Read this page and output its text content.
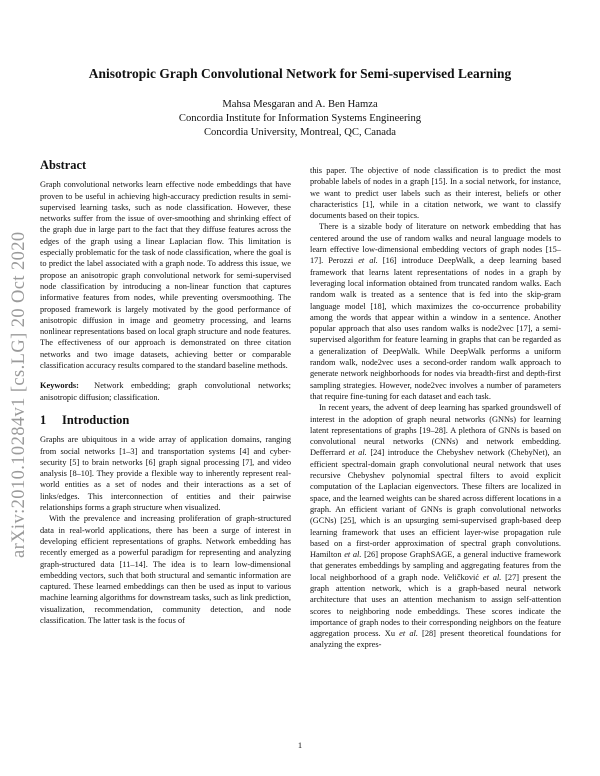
arXiv:2010.10284v1 [cs.LG] 20 Oct 2020
Anisotropic Graph Convolutional Network for Semi-supervised Learning
Mahsa Mesgaran and A. Ben Hamza
Concordia Institute for Information Systems Engineering
Concordia University, Montreal, QC, Canada
Abstract

Graph convolutional networks learn effective node embeddings that have proven to be useful in achieving high-accuracy prediction results in semi-supervised learning tasks, such as node classification. However, these networks suffer from the issue of over-smoothing and shrinking effect of the graph due in large part to the fact that they diffuse features across the edges of the graph using a linear Laplacian flow. This limitation is especially problematic for the task of node classification, where the goal is to predict the label associated with a graph node. To address this issue, we propose an anisotropic graph convolutional network for semi-supervised node classification by introducing a non-linear function that captures informative features from nodes, while preventing oversmoothing. The proposed framework is largely motivated by the good performance of anisotropic diffusion in image and geometry processing, and learns nonlinear representations based on local graph structure and node features. The effectiveness of our approach is demonstrated on three citation networks and two image datasets, achieving better or comparable classification accuracy results compared to the standard baseline methods.

Keywords: Network embedding; graph convolutional networks; anisotropic diffusion; classification.

1 Introduction

Graphs are ubiquitous in a wide array of application domains, ranging from social networks [1–3] and transportation systems [4] and cyber-security [5] to brain networks [6] graph signal processing [7], and video analysis [8–10]. They provide a flexible way to inherently represent real-world entities as a set of nodes and their interactions as a set of links/edges. This interconnection of entities and their pairwise relationships forms a graph structure when visualized.

With the prevalence and increasing proliferation of graph-structured data in real-world applications, there has been a surge of interest in developing efficient representations of graphs. Network embedding has recently emerged as a powerful paradigm for representing and analyzing graph-structured data [11–14]. The idea is to learn low-dimensional embedding vectors, such that both structural and semantic information are captured. These learned embeddings can then be used as input to various machine learning algorithms for downstream tasks, such as link prediction, visualization, recommendation, community detection, and node classification. The latter task is the focus of

this paper. The objective of node classification is to predict the most probable labels of nodes in a graph [15]. In a social network, for instance, we want to predict user labels such as their interest, beliefs or other characteristics [1], while in a citation network, we want to classify documents based on their topics.

There is a sizable body of literature on network embedding that has centered around the use of random walks and neural language models to learn effective low-dimensional embedding vectors of graph nodes [15–17]. Perozzi et al. [16] introduce DeepWalk, a deep learning based framework that learns latent representations of nodes in a graph by leveraging local information obtained from truncated random walks. Each random walk is treated as a sentence that is fed into the skip-gram language model [18], which maximizes the co-occurrence probability among the words that appear within a window in a sentence. Another popular approach that also uses random walks is node2vec [17], a semi-supervised algorithm for feature learning in graphs that can be regarded as a generalization of DeepWalk. While DeepWalk performs a uniform random walk, node2vec uses a second-order random walk approach to generate network neighborhoods for nodes via breadth-first and depth-first sampling strategies. However, node2vec involves a number of parameters that require fine-tuning for each dataset and each task.

In recent years, the advent of deep learning has sparked groundswell of interest in the adoption of graph neural networks (GNNs) for learning latent representations of graphs [19–28]. A plethora of GNNs is based on convolutional neural networks (CNNs) and network embedding. Defferrard et al. [24] introduce the Chebyshev network (ChebyNet), an efficient spectral-domain graph convolutional neural network that uses recursive Chebyshev polynomial spectral filters to avoid explicit computation of the Laplacian eigenvectors. These filters are localized in space, and the learned weights can be shared across different locations in a graph. An efficient variant of GNNs is graph convolutional networks (GCNs) [25], which is an upsurging semi-supervised graph-based deep learning framework that uses an efficient layer-wise propagation rule based on a first-order approximation of spectral graph convolutions. Hamilton et al. [26] propose GraphSAGE, a general inductive framework that generates embeddings by sampling and aggregating features from the local neighborhood of a graph node. Veličković et al. [27] present the graph attention network, which is a graph-based neural network architecture that uses an attention mechanism to assign self-attention scores to neighboring node embeddings. These scores indicate the importance of graph nodes to their corresponding neighbors on the feature aggregation process. Xu et al. [28] present theoretical foundations for analyzing the expres-

1
